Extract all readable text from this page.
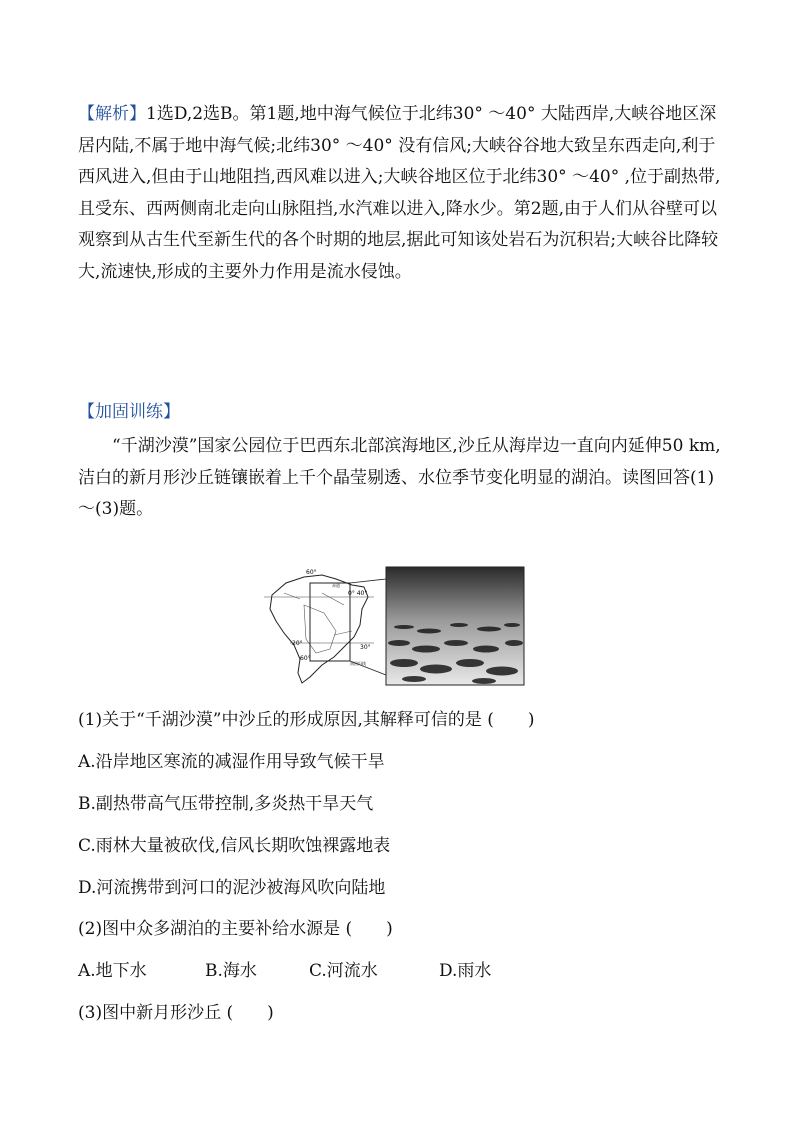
【解析】1选D,2选B。第1题,地中海气候位于北纬30° ～40° 大陆西岸,大峡谷地区深居内陆,不属于地中海气候;北纬30° ～40° 没有信风;大峡谷谷地大致呈东西走向,利于西风进入,但由于山地阻挡,西风难以进入;大峡谷地区位于北纬30° ～40° ,位于副热带,且受东、西两侧南北走向山脉阻挡,水汽难以进入,降水少。第2题,由于人们从谷壁可以观察到从古生代至新生代的各个时期的地层,据此可知该处岩石为沉积岩;大峡谷比降较大,流速快,形成的主要外力作用是流水侵蚀。

【加固训练】

“千湖沙漠”国家公园位于巴西东北部滨海地区,沙丘从海岸边一直向内延伸50 km,洁白的新月形沙丘链镶嵌着上千个晶莹剔透、水位季节变化明显的湖泊。读图回答(1)～(3)题。

60°
0° 40°
20°
60°
30°
赤道
南回归线

(1)关于“千湖沙漠”中沙丘的形成原因,其解释可信的是 (　　)

A.沿岸地区寒流的减湿作用导致气候干旱

B.副热带高气压带控制,多炎热干旱天气

C.雨林大量被砍伐,信风长期吹蚀裸露地表

D.河流携带到河口的泥沙被海风吹向陆地

(2)图中众多湖泊的主要补给水源是 (　　)

A.地下水	B.海水	C.河流水	D.雨水

(3)图中新月形沙丘 (　　)
